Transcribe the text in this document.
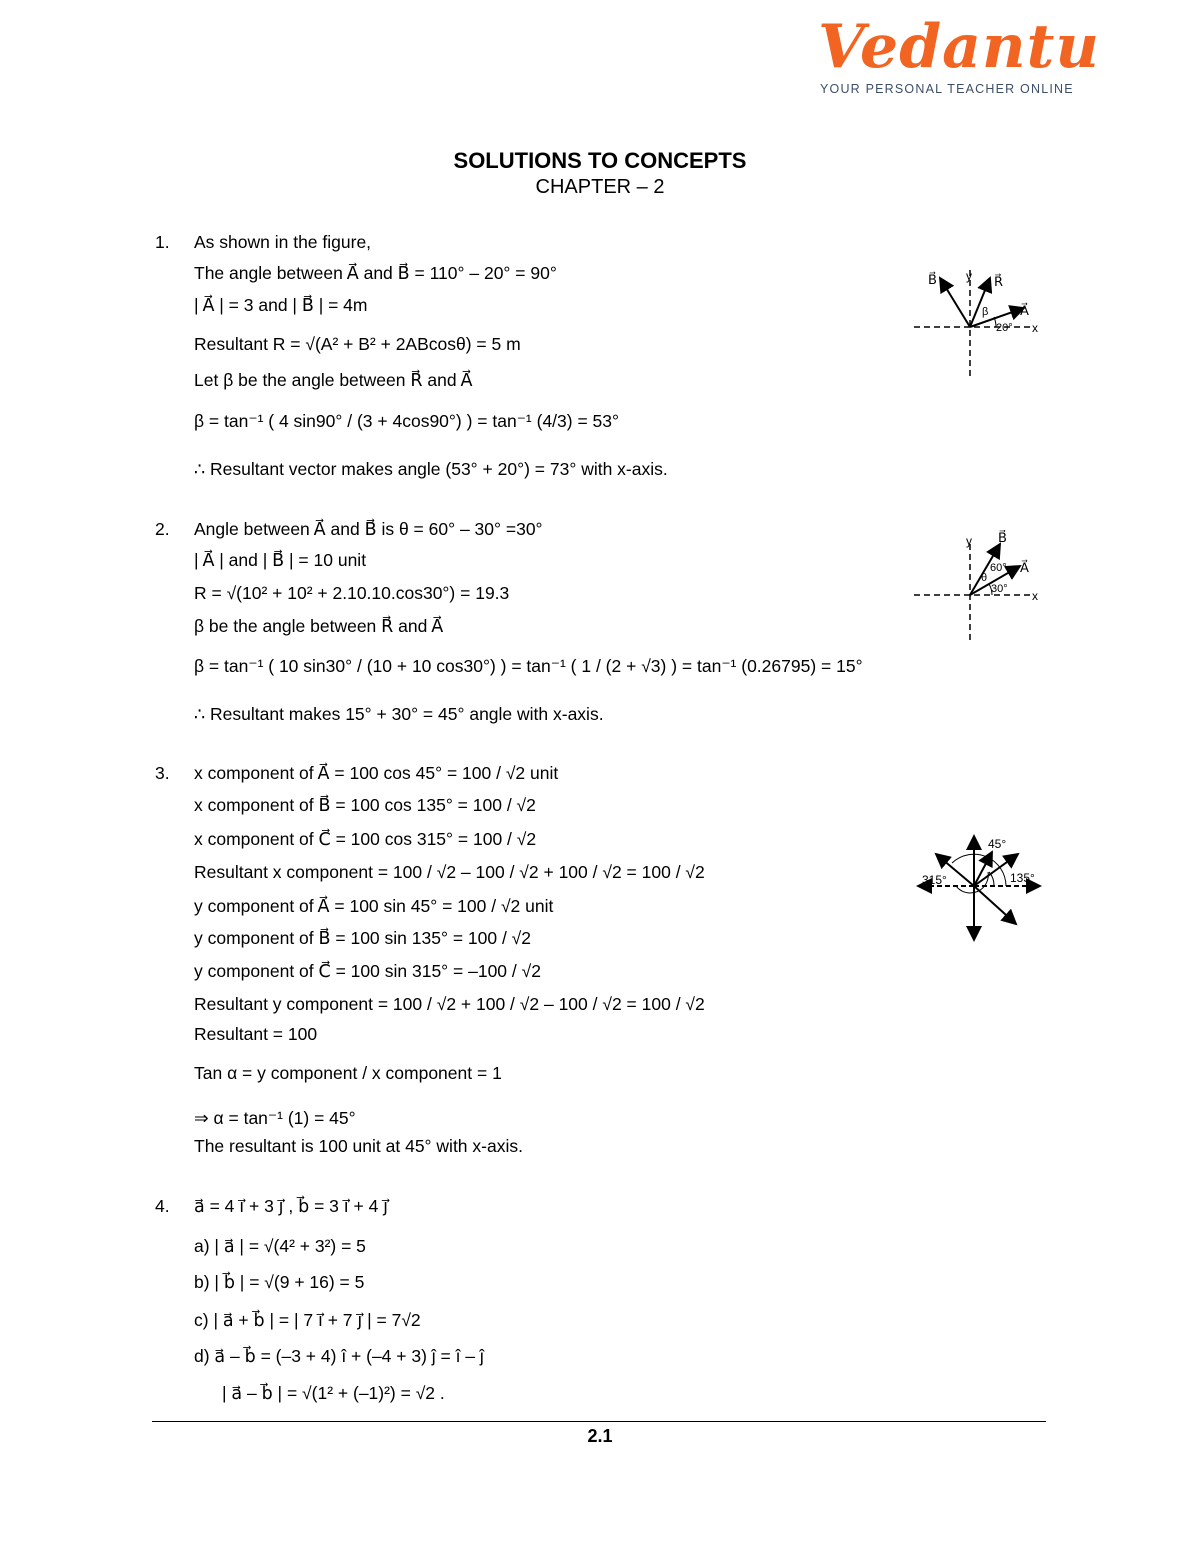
Vedantu
YOUR PERSONAL TEACHER ONLINE
SOLUTIONS TO CONCEPTS
CHAPTER – 2
1. As shown in the figure,
The angle between A⃗ and B⃗ = 110° – 20° = 90°
| A⃗ | = 3 and | B⃗ | = 4m
Resultant R = √(A² + B² + 2ABcosθ) = 5 m
Let β be the angle between R⃗ and A⃗
β = tan⁻¹ ( 4 sin90° / (3 + 4cos90°) ) = tan⁻¹ (4/3) = 53°
∴ Resultant vector makes angle (53° + 20°) = 73° with x-axis.
B⃗ y R⃗
A⃗
β
20° x
2. Angle between A⃗ and B⃗ is θ = 60° – 30° =30°
| A⃗ | and | B⃗ | = 10 unit
R = √(10² + 10² + 2.10.10.cos30°) = 19.3
β be the angle between R⃗ and A⃗
β = tan⁻¹ ( 10 sin30° / (10 + 10 cos30°) ) = tan⁻¹ ( 1 / (2 + √3) ) = tan⁻¹ (0.26795) = 15°
∴ Resultant makes 15° + 30° = 45° angle with x-axis.
y B⃗
60° A⃗
θ
30° x
3. x component of A⃗ = 100 cos 45° = 100 / √2 unit
x component of B⃗ = 100 cos 135° = 100 / √2
x component of C⃗ = 100 cos 315° = 100 / √2
Resultant x component = 100 / √2 – 100 / √2 + 100 / √2 = 100 / √2
y component of A⃗ = 100 sin 45° = 100 / √2 unit
y component of B⃗ = 100 sin 135° = 100 / √2
y component of C⃗ = 100 sin 315° = –100 / √2
Resultant y component = 100 / √2 + 100 / √2 – 100 / √2 = 100 / √2
Resultant = 100
Tan α = y component / x component = 1
⇒ α = tan⁻¹ (1) = 45°
The resultant is 100 unit at 45° with x-axis.
45°
315°	135°
4. a⃗ = 4 i⃗ + 3 j⃗ , b⃗ = 3 i⃗ + 4 j⃗
a) | a⃗ | = √(4² + 3²) = 5
b) | b⃗ | = √(9 + 16) = 5
c) | a⃗ + b⃗ | = | 7 i⃗ + 7 j⃗ | = 7√2
d) a⃗ – b⃗ = (–3 + 4) î + (–4 + 3) ĵ = î – ĵ
| a⃗ – b⃗ | = √(1² + (–1)²) = √2 .
2.1
